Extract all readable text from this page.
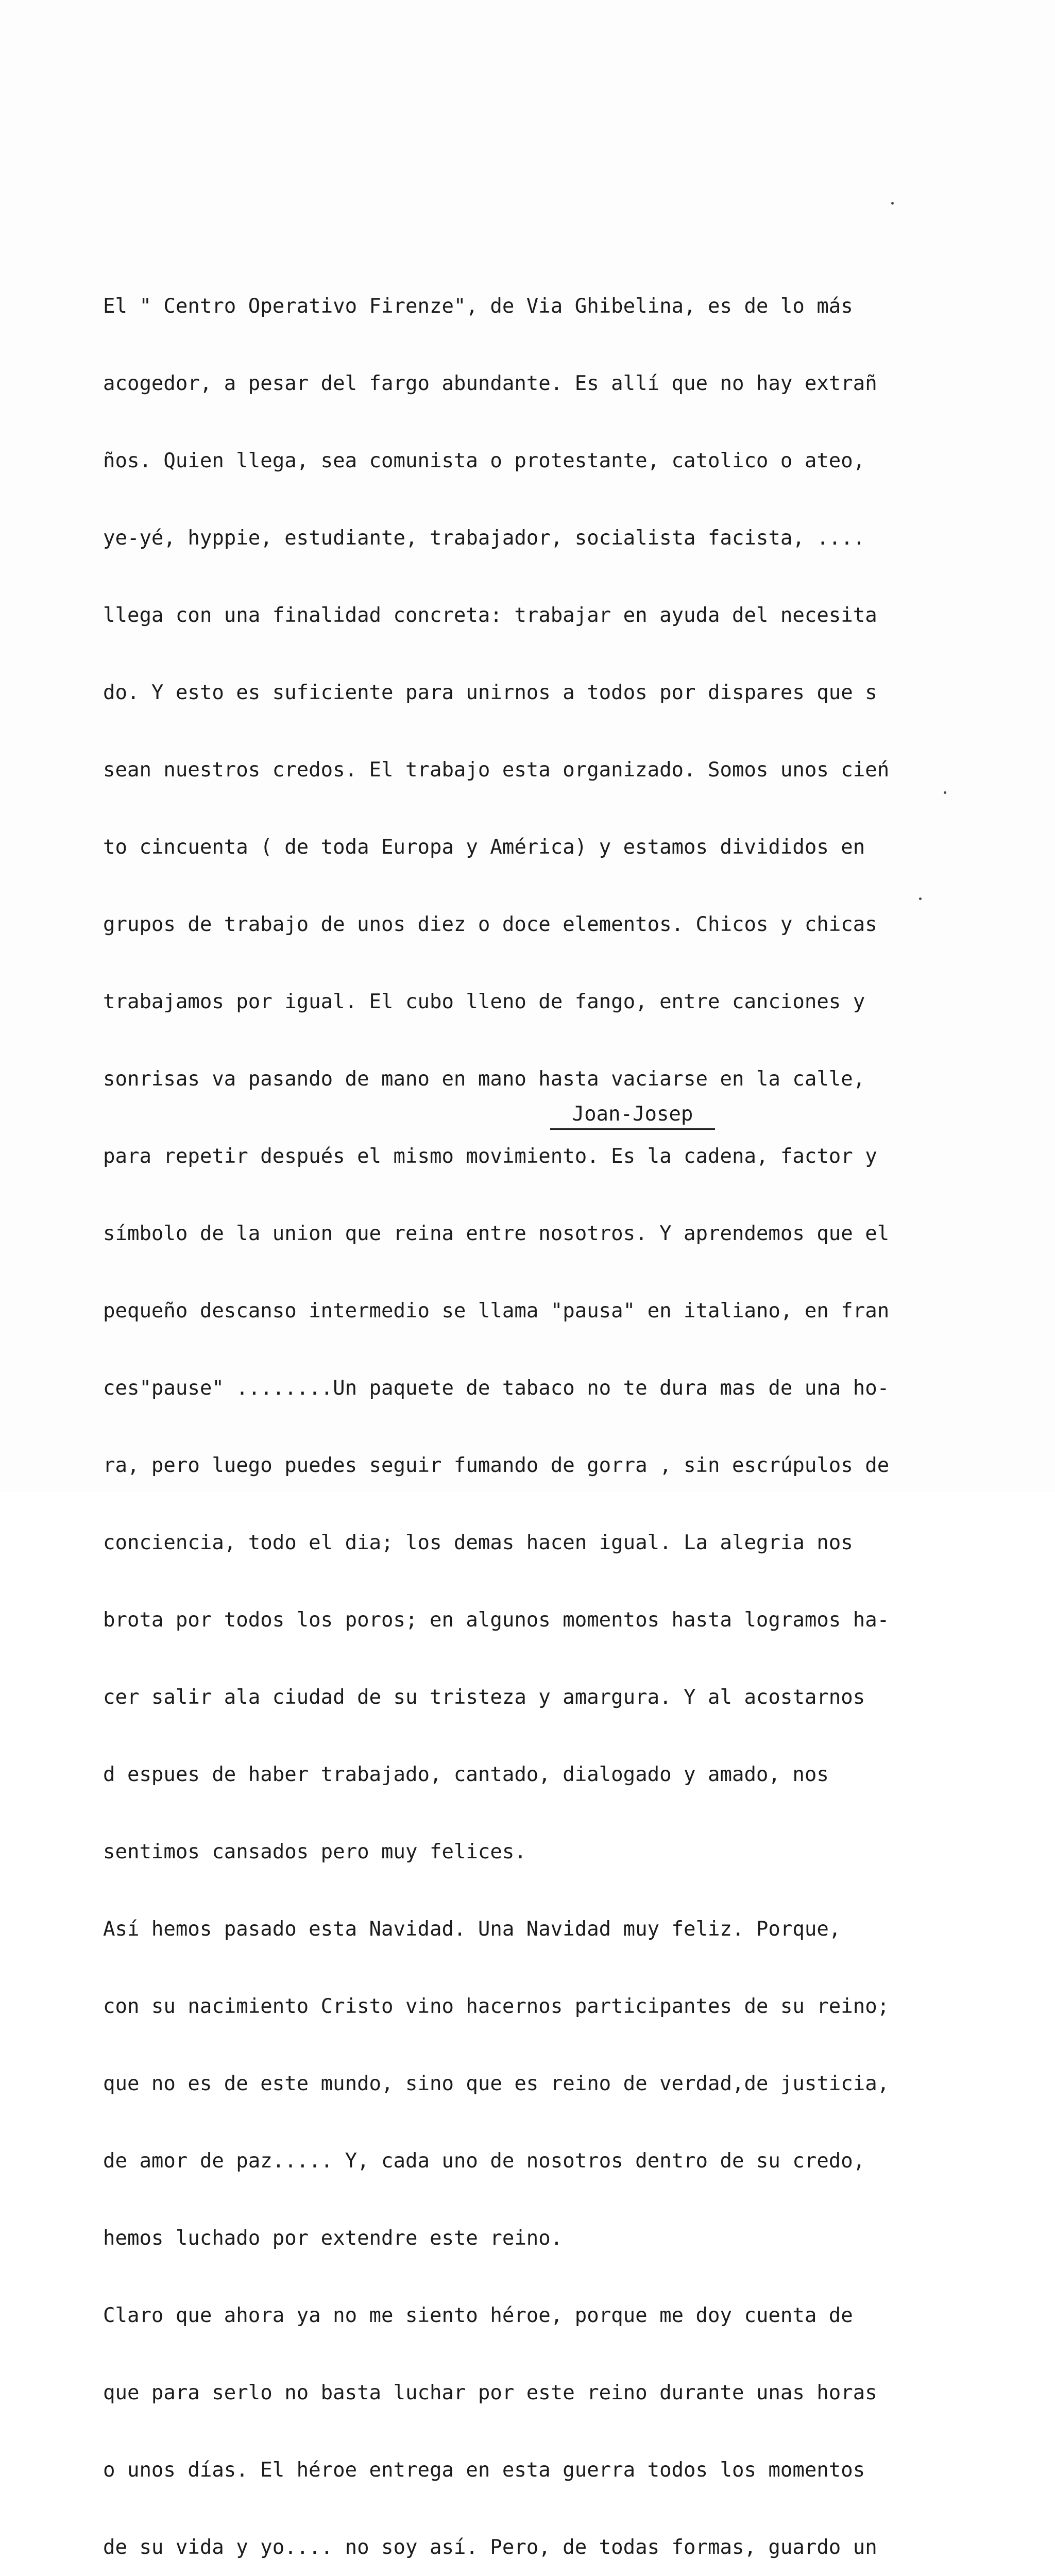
El " Centro Operativo Firenze", de Via Ghibelina, es de lo más

acogedor, a pesar del fargo abundante. Es allí que no hay extrañ

ños. Quien llega, sea comunista o protestante, catolico o ateo,

ye-yé, hyppie, estudiante, trabajador, socialista facista, ....

llega con una finalidad concreta: trabajar en ayuda del necesita

do. Y esto es suficiente para unirnos a todos por dispares que s

sean nuestros credos. El trabajo esta organizado. Somos unos cień

to cincuenta ( de toda Europa y América) y estamos divididos en

grupos de trabajo de unos diez o doce elementos. Chicos y chicas

trabajamos por igual. El cubo lleno de fango, entre canciones y

sonrisas va pasando de mano en mano hasta vaciarse en la calle,

para repetir después el mismo movimiento. Es la cadena, factor y

símbolo de la union que reina entre nosotros. Y aprendemos que el

pequeño descanso intermedio se llama "pausa" en italiano, en fran

ces"pause" ........Un paquete de tabaco no te dura mas de una ho-

ra, pero luego puedes seguir fumando de gorra , sin escrúpulos de

conciencia, todo el dia; los demas hacen igual. La alegria nos

brota por todos los poros; en algunos momentos hasta logramos ha-

cer salir ala ciudad de su tristeza y amargura. Y al acostarnos

d espues de haber trabajado, cantado, dialogado y amado, nos

sentimos cansados pero muy felices.

Así hemos pasado esta Navidad. Una Navidad muy feliz. Porque,

con su nacimiento Cristo vino hacernos participantes de su reino;

que no es de este mundo, sino que es reino de verdad,de justicia,

de amor de paz..... Y, cada uno de nosotros dentro de su credo,

hemos luchado por extendre este reino.

Claro que ahora ya no me siento héroe, porque me doy cuenta de

que para serlo no basta luchar por este reino durante unas horas

o unos días. El héroe entrega en esta guerra todos los momentos

de su vida y yo.... no soy así. Pero, de todas formas, guardo un

Joan-Josep
